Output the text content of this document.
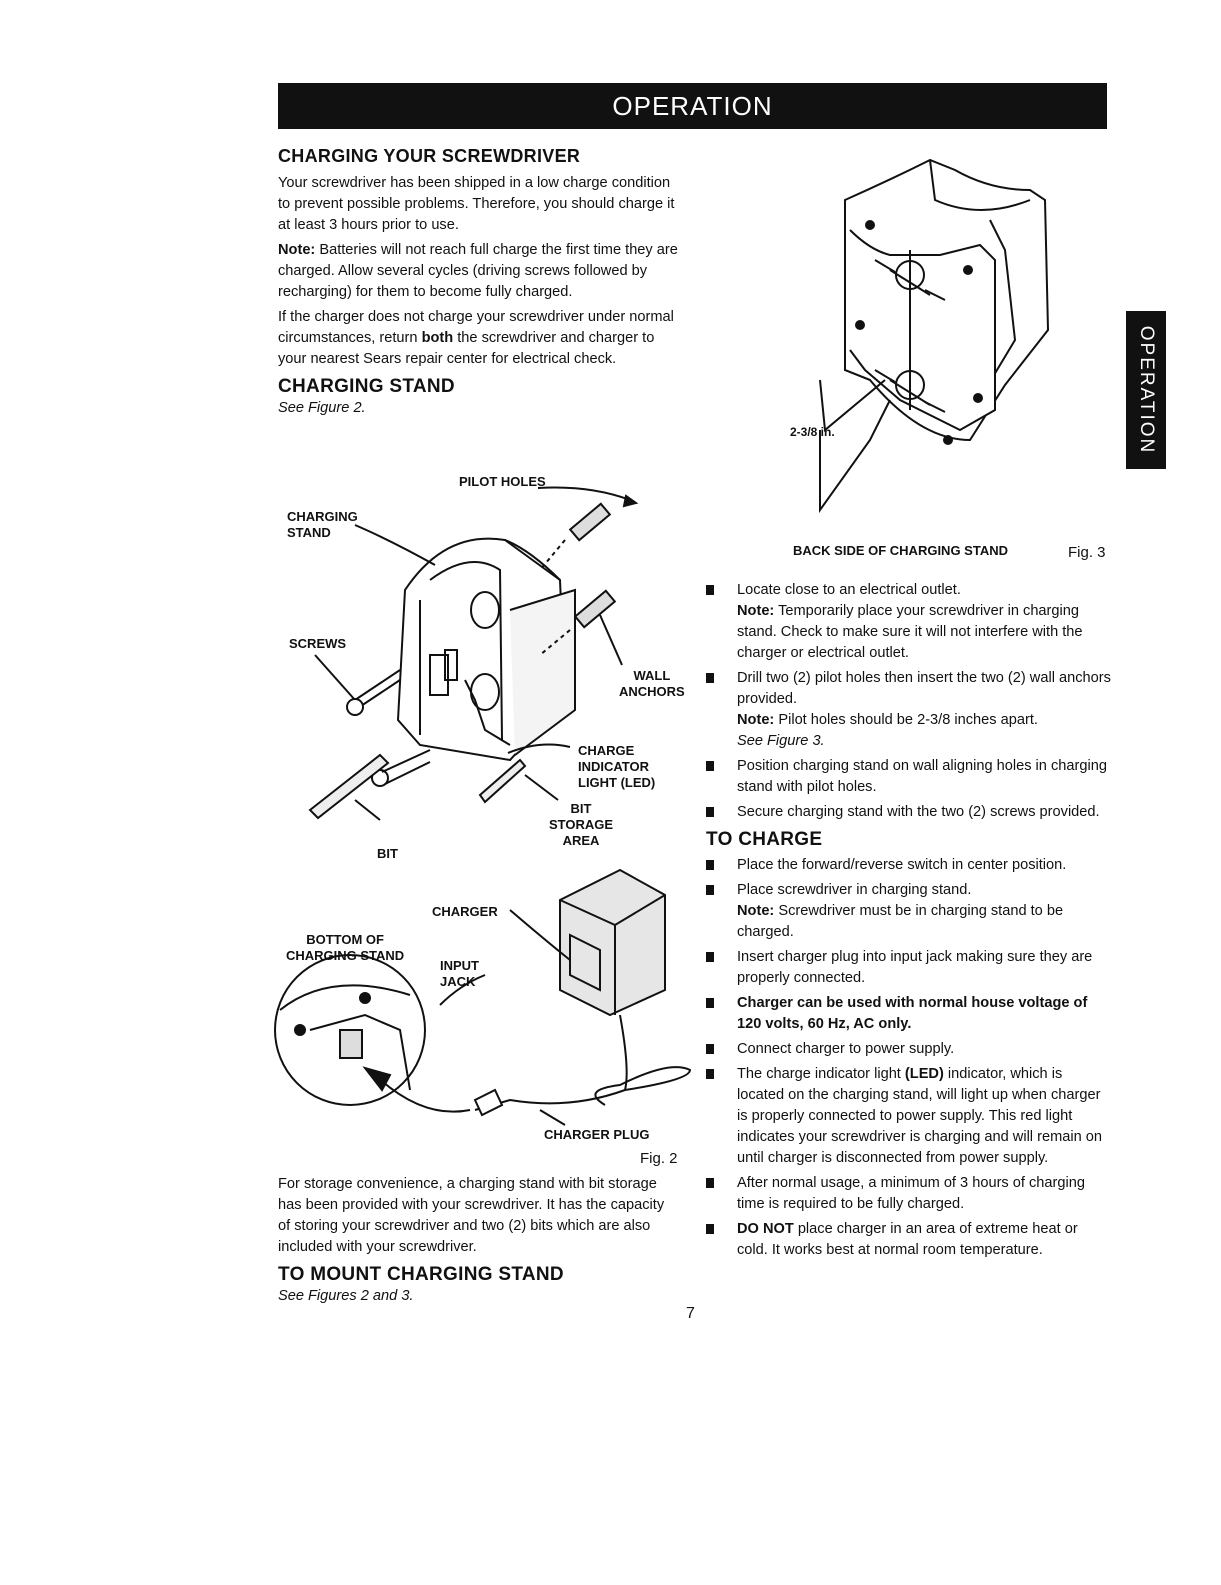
OPERATION
OPERATION
CHARGING YOUR SCREWDRIVER

Your screwdriver has been shipped in a low charge condition to prevent possible problems. Therefore, you should charge it at least 3 hours prior to use.

Note: Batteries will not reach full charge the first time they are charged. Allow several cycles (driving screws followed by recharging) for them to become fully charged.

If the charger does not charge your screwdriver under normal circumstances, return both the screwdriver and charger to your nearest Sears repair center for electrical check.

CHARGING STAND

See Figure 2.

PILOT HOLES
CHARGING
STAND
SCREWS
WALL
ANCHORS
CHARGE
INDICATOR
LIGHT (LED)
BIT
STORAGE
AREA
BIT
CHARGER
BOTTOM OF
CHARGING STAND
INPUT
JACK
CHARGER PLUG
Fig. 2

For storage convenience, a charging stand with bit storage has been provided with your screwdriver. It has the capacity of storing your screwdriver and two (2) bits which are also included with your screwdriver.

TO MOUNT CHARGING STAND

See Figures 2 and 3.

2-3/8 in.
BACK SIDE OF CHARGING STAND	Fig. 3
Locate close to an electrical outlet.
Note: Temporarily place your screwdriver in charging stand. Check to make sure it will not interfere with the charger or electrical outlet.
Drill two (2) pilot holes then insert the two (2) wall anchors provided.
Note: Pilot holes should be 2-3/8 inches apart.
See Figure 3.
Position charging stand on wall aligning holes in charging stand with pilot holes.
Secure charging stand with the two (2) screws provided.
TO CHARGE
Place the forward/reverse switch in center position.
Place screwdriver in charging stand.
Note: Screwdriver must be in charging stand to be charged.
Insert charger plug into input jack making sure they are properly connected.
Charger can be used with normal house voltage of 120 volts, 60 Hz, AC only.
Connect charger to power supply.
The charge indicator light (LED) indicator, which is located on the charging stand, will light up when charger is properly connected to power supply. This red light indicates your screwdriver is charging and will remain on until charger is disconnected from power supply.
After normal usage, a minimum of 3 hours of charging time is required to be fully charged.
DO NOT place charger in an area of extreme heat or cold. It works best at normal room temperature.
7
